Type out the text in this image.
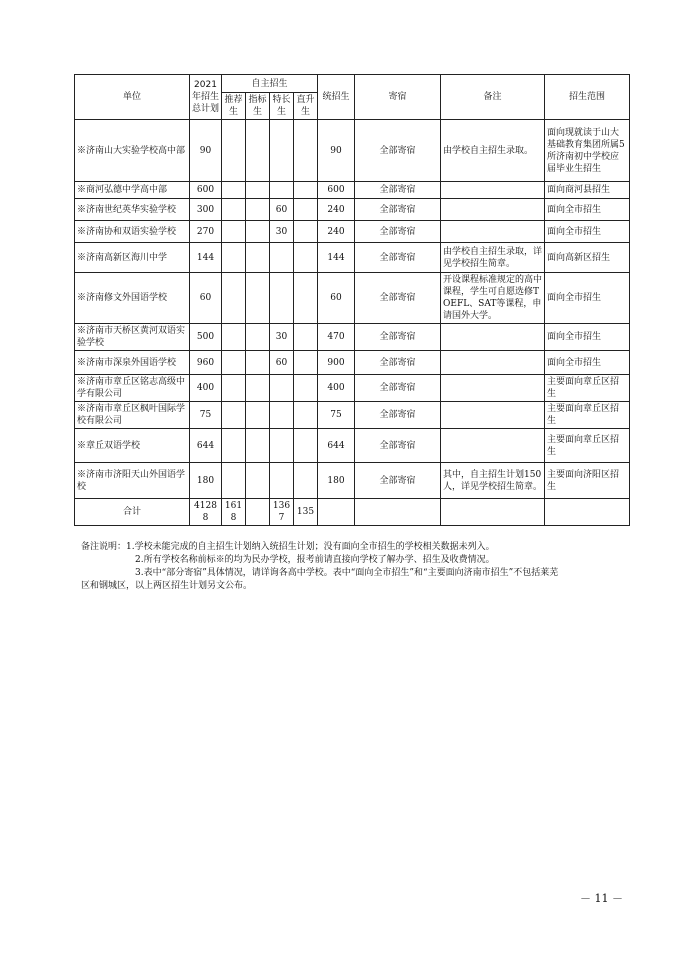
单位	2021年招生总计划	自主招生				统招生	寄宿	备注	招生范围
		推荐生	指标生	特长生	直升生				
※济南山大实验学校高中部	90					90	全部寄宿	由学校自主招生录取。	面向现就读于山大基础教育集团所属5所济南初中学校应届毕业生招生
※商河弘德中学高中部	600					600	全部寄宿		面向商河县招生
※济南世纪英华实验学校	300			60		240	全部寄宿		面向全市招生
※济南协和双语实验学校	270			30		240	全部寄宿		面向全市招生
※济南高新区海川中学	144					144	全部寄宿	由学校自主招生录取，详见学校招生简章。	面向高新区招生
※济南修文外国语学校	60					60	全部寄宿	开设课程标准规定的高中课程，学生可自愿选修TOEFL、SAT等课程，申请国外大学。	面向全市招生
※济南市天桥区黄河双语实验学校	500			30		470	全部寄宿		面向全市招生
※济南市深泉外国语学校	960			60		900	全部寄宿		面向全市招生
※济南市章丘区铭志高级中学有限公司	400					400	全部寄宿		主要面向章丘区招生
※济南市章丘区枫叶国际学校有限公司	75					75	全部寄宿		主要面向章丘区招生
※章丘双语学校	644					644	全部寄宿		主要面向章丘区招生
※济南市济阳天山外国语学校	180					180	全部寄宿	其中，自主招生计划150人，详见学校招生简章。	主要面向济阳区招生
合计	41288	1618		1367	135				

备注说明：1.学校未能完成的自主招生计划纳入统招生计划；没有面向全市招生的学校相关数据未列入。

2.所有学校名称前标※的均为民办学校，报考前请直接向学校了解办学、招生及收费情况。

3.表中“部分寄宿”具体情况，请详询各高中学校。表中“面向全市招生”和“主要面向济南市招生”不包括莱芜

区和钢城区，以上两区招生计划另文公布。

－ 11 －
